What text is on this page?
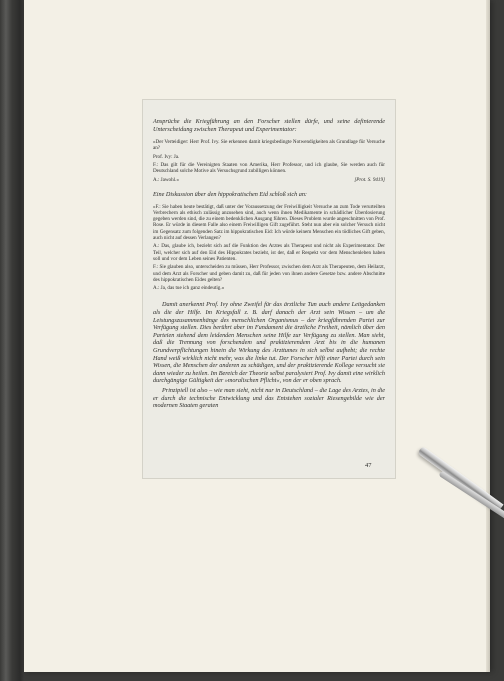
Ansprüche die Kriegführung an den Forscher stellen dürfe, und seine definierende Unterscheidung zwischen Therapeut und Experimentator:

»Der Verteidiger: Herr Prof. Ivy. Sie erkennen damit kriegsbedingte Notwendigkeiten als Grundlage für Versuche an?

Prof. Ivy: Ja.

F.: Das gilt für die Vereinigten Staaten von Amerika, Herr Professor, und ich glaube, Sie werden auch für Deutschland solche Motive als Versuchsgrund zubilligen können.

A.: Jawohl.«	[Prot. S. 9419]

Eine Diskussion über den hippokratischen Eid schloß sich an:

»F.: Sie haben heute bestätigt, daß unter der Voraussetzung der Freiwilligkeit Versuche an zum Tode verurteilten Verbrechern als ethisch zulässig anzusehen sind, auch wenn ihnen Medikamente in schädlicher Überdosierung gegeben werden sind, die zu einem bedenklichen Ausgang führen. Dieses Problem wurde angeschnitten von Prof. Rose. Er würde in diesem Falle also einem Freiwilligen Gift zugeführt. Steht nun aber ein solcher Versuch nicht im Gegensatz zum folgenden Satz im hippokratischen Eid: Ich würde keinem Menschen ein tödliches Gift geben, auch nicht auf dessen Verlangen?

A.: Das, glaube ich, bezieht sich auf die Funktion des Arztes als Therapeut und nicht als Experimentator. Der Teil, welcher sich auf den Eid des Hippokrates bezieht, ist der, daß er Respekt vor dem Menschenleben haben soll und vor dem Leben seines Patienten.

F.: Sie glauben also, unterscheiden zu müssen, Herr Professor, zwischen dem Arzt als Therapeuten, dem Heilarzt, und dem Arzt als Forscher und geben damit zu, daß für jeden von ihnen andere Gesetze bzw. andere Abschnitte des hippokratischen Eides gelten?

A.: Ja, das tue ich ganz eindeutig.«

Damit anerkennt Prof. Ivy ohne Zweifel für das ärztliche Tun auch andere Leitgedanken als die der Hilfe. Im Kriegsfall z. B. darf danach der Arzt sein Wissen – um die Leistungszusammenhänge des menschlichen Organismus – der kriegführenden Partei zur Verfügung stellen. Dies berührt aber im Fundament die ärztliche Freiheit, nämlich über den Parteien stehend dem leidenden Menschen seine Hilfe zur Verfügung zu stellen. Man sieht, daß die Trennung von forschendem und praktizierendem Arzt bis in die humanen Grundverpflichtungen hinein die Wirkung des Arzttumes in sich selbst aufhebt; die rechte Hand weiß wirklich nicht mehr, was die linke tut. Der Forscher hilft einer Partei durch sein Wissen, die Menschen der anderen zu schädigen, und der praktizierende Kollege versucht sie dann wieder zu heilen. Im Bereich der Theorie selbst paralysiert Prof. Ivy damit eine wirklich durchgängige Gültigkeit der »moralischen Pflicht«, von der er oben sprach.

Prinzipiell ist also – wie man sieht, nicht nur in Deutschland – die Lage des Arztes, in die er durch die technische Entwicklung und das Entstehen sozialer Riesengebilde wie der modernen Staaten geraten

47
